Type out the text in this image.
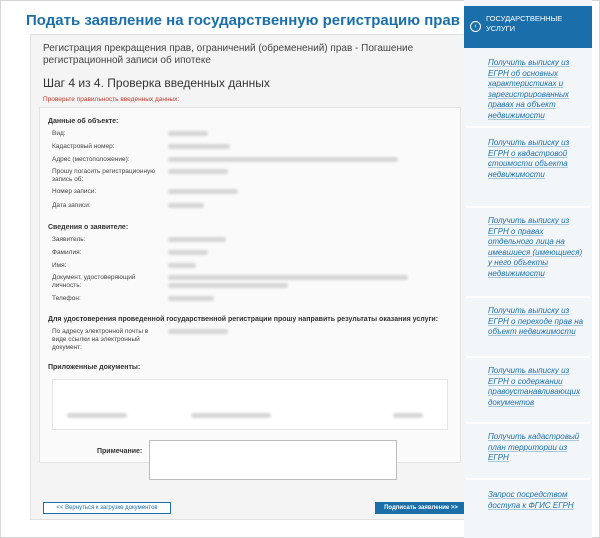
Подать заявление на государственную регистрацию прав
Регистрация прекращения прав, ограничений (обременений) прав - Погашение регистрационной записи об ипотеке
Шаг 4 из 4. Проверка введенных данных
Проверьте правильность введенных данных:
Данные об объекте:
Вид:
Кадастровый номер:
Адрес (местоположение):
Прошу погасить регистрационную запись об:
Номер записи:
Дата записи:
Сведения о заявителе:
Заявитель:
Фамилия:
Имя:
Документ, удостоверяющий личность:
Телефон:
Для удостоверения проведенной государственной регистрации прошу направить результаты оказания услуги:
По адресу электронной почты в виде ссылки на электронный документ:
Приложенные документы:
Примечание:
<< Вернуться к загрузке документов	Подписать заявление >>
‹
ГОСУДАРСТВЕННЫЕ УСЛУГИ
Получить выписку из ЕГРН об основных характеристиках и зарегистрированных правах на объект недвижимости
Получить выписку из ЕГРН о кадастровой стоимости объекта недвижимости
Получить выписку из ЕГРН о правах отдельного лица на имевшиеся (имеющиеся) у него объекты недвижимости
Получить выписку из ЕГРН о переходе прав на объект недвижимости
Получить выписку из ЕГРН о содержании правоустанавливающих документов
Получить кадастровый план территории из ЕГРН
Запрос посредством доступа к ФГИС ЕГРН
